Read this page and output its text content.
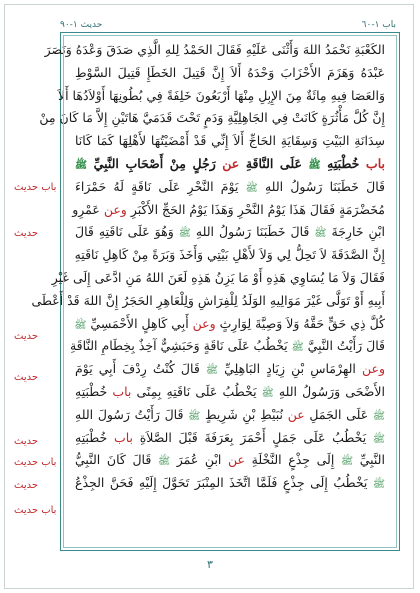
باب ١-٦٠
حديث ١-٩٠
باب حديث
حديث
حديث
حديث
حديث
باب حديث
حديث
باب حديث
الكَعْبَةِ نَحْمَدُ اللهَ وَأَثْنَى عَلَيْهِ فَقَالَ الحَمْدُ لِلهِ الَّذِي صَدَقَ وَعْدَهُ وَنَصَرَ
عَبْدَهُ وَهَزَمَ الأَحْزَابَ وَحْدَهُ أَلاَ إِنَّ قَتِيلَ الخَطَإِ قَتِيلَ السَّوْطِ
وَالعَصَا فِيهِ مِائَةٌ مِنَ الإِبِلِ مِنْهَا أَرْبَعُونَ خَلِفَةً فِي بُطُونِهَا أَوْلاَدُهَا أَلاَ
إِنَّ كُلَّ مَأْثُرَةٍ كَانَتْ فِي الجَاهِلِيَّةِ وَدَمٍ تَحْتَ قَدَمَيَّ هَاتَيْنِ إِلاَّ مَا كَانَ مِنْ
سِدَانَةِ البَيْتِ وَسِقَايَةِ الحَاجِّ أَلاَ إِنِّي قَدْ أَمْضَيْتُهَا لأَهْلِهَا كَمَا كَانَا
باب خُطْبَتِهِ ﷺ عَلَى النَّاقَةِ عن رَجُلٍ مِنْ أَصْحَابِ النَّبِيِّ ﷺ
قَالَ خَطَبَنَا رَسُولُ اللهِ ﷺ يَوْمَ النَّحْرِ عَلَى نَاقَةٍ لَهُ حَمْرَاءَ
مُخَضْرَمَةٍ فَقَالَ هَذَا يَوْمُ النَّحْرِ وَهَذَا يَوْمُ الحَجِّ الأَكْبَرِ وعن عَمْرِو
ابْنِ خَارِجَةَ ﷺ قَالَ خَطَبَنَا رَسُولُ اللهِ ﷺ وَهُوَ عَلَى نَاقَتِهِ قَالَ
إِنَّ الصَّدَقَةَ لاَ تَحِلُّ لِي وَلاَ لأَهْلِ بَيْتِي وَأَخَذَ وَبَرَةً مِنْ كَاهِلِ نَاقَتِهِ
فَقَالَ وَلاَ مَا يُسَاوِي هَذِهِ أَوْ مَا يَزِنُ هَذِهِ لَعَنَ اللهُ مَنِ ادَّعَى إِلَى غَيْرِ
أَبِيهِ أَوْ تَوَلَّى غَيْرَ مَوَالِيهِ الوَلَدُ لِلْفِرَاشِ وَلِلْعَاهِرِ الحَجَرُ إِنَّ اللهَ قَدْ أَعْطَى
كُلَّ ذِي حَقٍّ حَقَّهُ وَلاَ وَصِيَّةَ لِوَارِثٍ وعن أَبِي كَاهِلٍ الأَحْمَسِيِّ ﷺ
قَالَ رَأَيْتُ النَّبِيَّ ﷺ يَخْطُبُ عَلَى نَاقَةٍ وَحَبَشِيٌّ آخِذٌ بِخِطَامِ النَّاقَةِ
وعن الهِرْمَاسِ بْنِ زِيَادٍ البَاهِلِيِّ ﷺ قَالَ كُنْتُ رِدْفَ أَبِي يَوْمَ
الأَضْحَى وَرَسُولُ اللهِ ﷺ يَخْطُبُ عَلَى نَاقَتِهِ بِمِنًى باب خُطْبَتِهِ
ﷺ عَلَى الجَمَلِ عن نُبَيْطِ بْنِ شَرِيطٍ ﷺ قَالَ رَأَيْتُ رَسُولَ اللهِ
ﷺ يَخْطُبُ عَلَى جَمَلٍ أَحْمَرَ بِعَرَفَةَ قَبْلَ الصَّلاَةِ باب خُطْبَتِهِ
النَّبِيِّ ﷺ إِلَى جِذْعٍ النَّخْلَةِ عن ابْنِ عُمَرَ ﷺ قَالَ كَانَ النَّبِيُّ
ﷺ يَخْطُبُ إِلَى جِذْعٍ فَلَمَّا اتَّخَذَ المِنْبَرَ تَحَوَّلَ إِلَيْهِ فَحَنَّ الجِذْعُ
٣
